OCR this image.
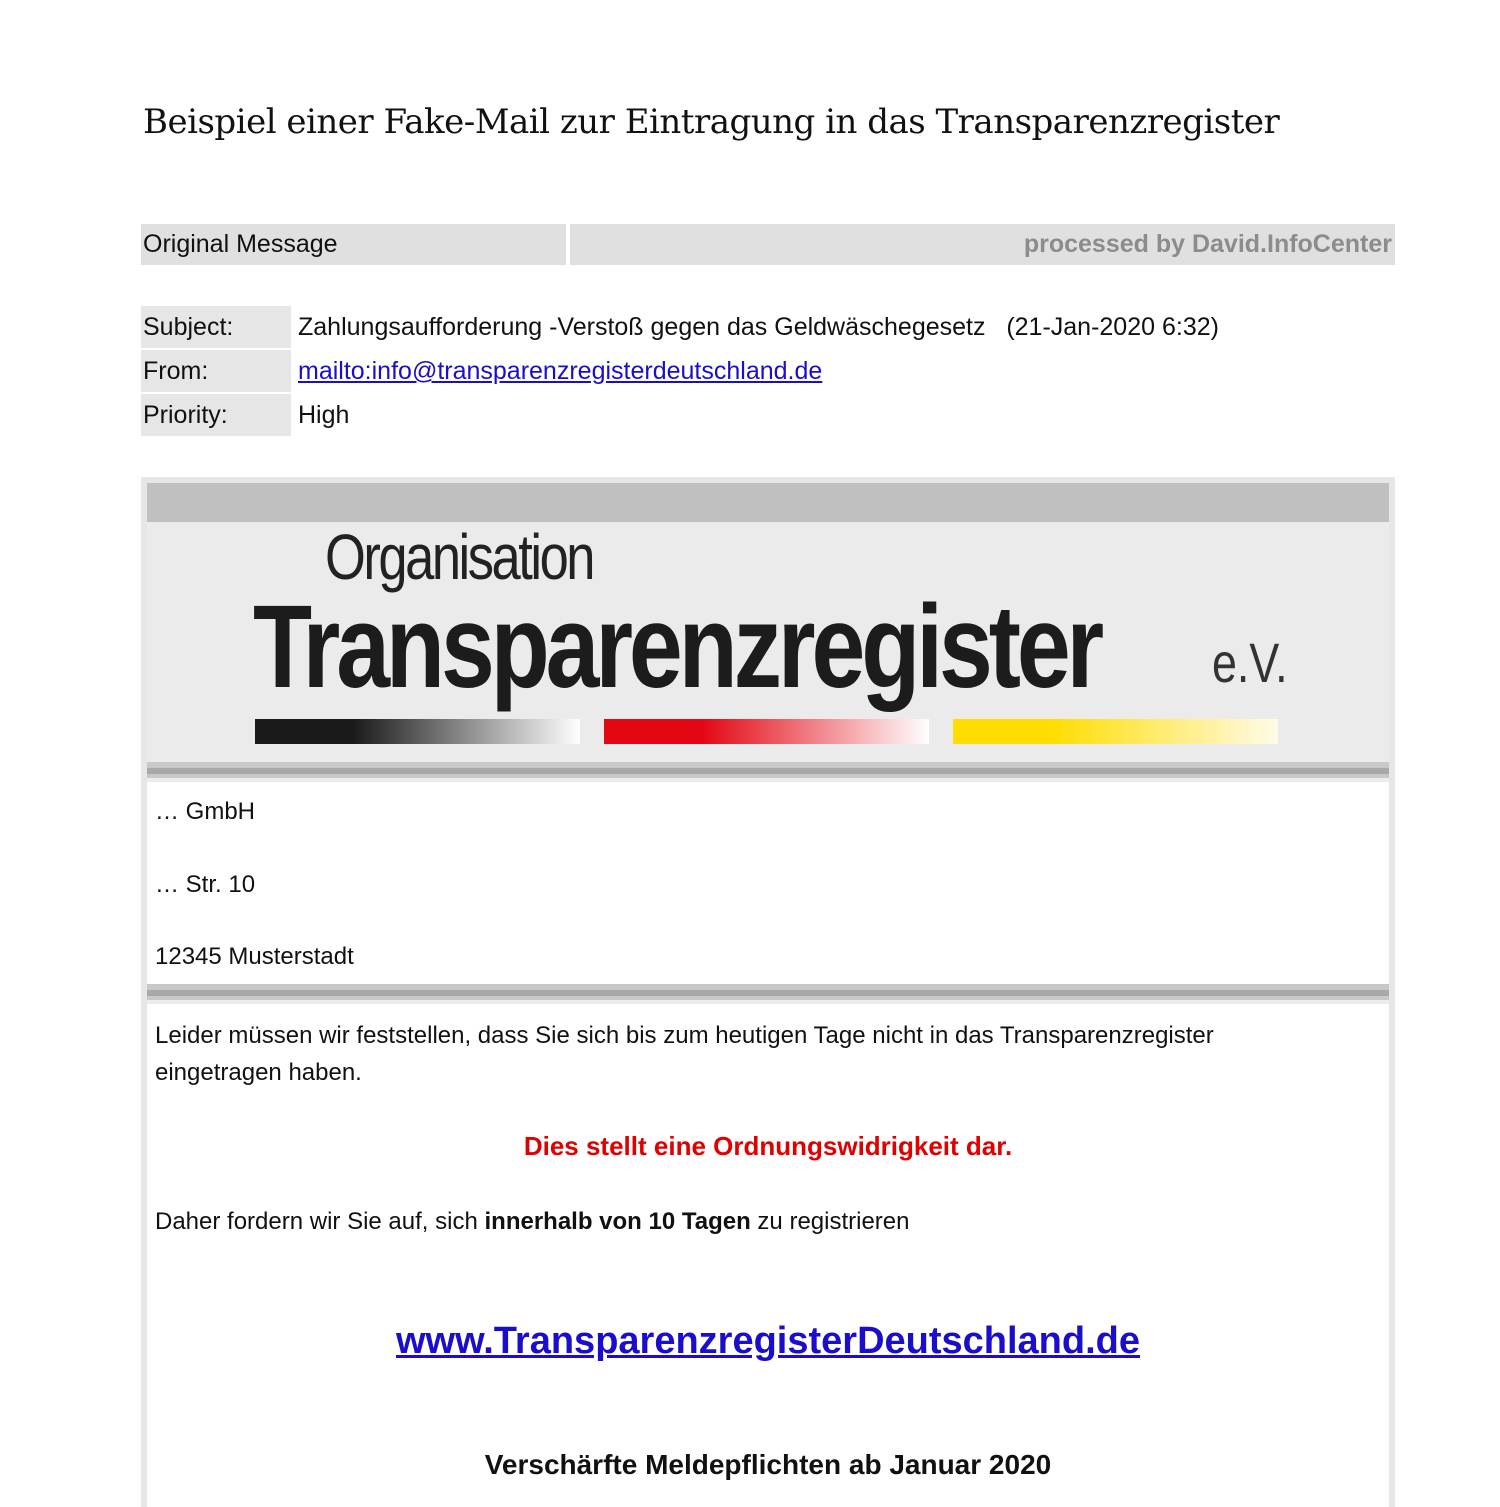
Beispiel einer Fake-Mail zur Eintragung in das Transparenzregister
Original Message	processed by David.InfoCenter
Subject:	Zahlungsaufforderung -Verstoß gegen das Geldwäschegesetz   (21-Jan-2020 6:32)
From:	mailto:info@transparenzregisterdeutschland.de
Priority:	High
Organisation
Transparenzregister e.V.
… GmbH
… Str. 10
12345 Musterstadt
Leider müssen wir feststellen, dass Sie sich bis zum heutigen Tage nicht in das Transparenzregister
eingetragen haben.
Dies stellt eine Ordnungswidrigkeit dar.
Daher fordern wir Sie auf, sich innerhalb von 10 Tagen zu registrieren
www.TransparenzregisterDeutschland.de
Verschärfte Meldepflichten ab Januar 2020
